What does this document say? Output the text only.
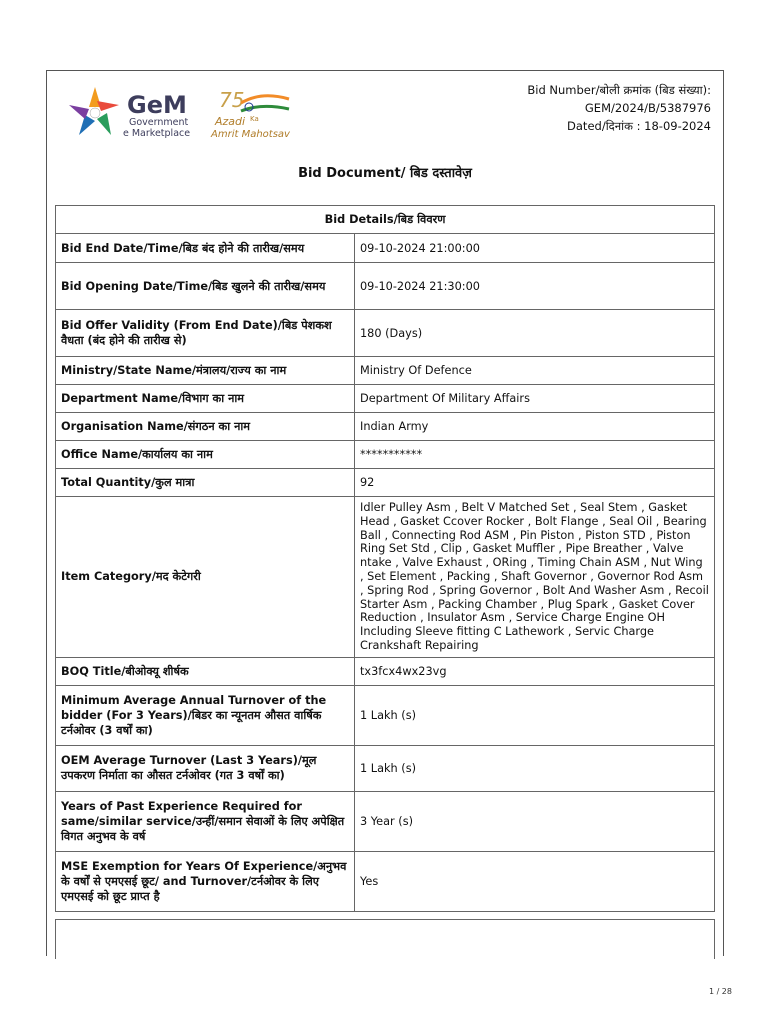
GeM
Government
e Marketplace
75
Azadi Ka
Amrit Mahotsav
Bid Number/बोली क्रमांक (बिड संख्या):
GEM/2024/B/5387976
Dated/दिनांक : 18-09-2024
Bid Document/ बिड दस्तावेज़
Bid Details/बिड विवरण	
Bid End Date/Time/बिड बंद होने की तारीख/समय	09-10-2024 21:00:00
Bid Opening Date/Time/बिड खुलने की तारीख/समय	09-10-2024 21:30:00
Bid Offer Validity (From End Date)/बिड पेशकश वैधता (बंद होने की तारीख से)	180 (Days)
Ministry/State Name/मंत्रालय/राज्य का नाम	Ministry Of Defence
Department Name/विभाग का नाम	Department Of Military Affairs
Organisation Name/संगठन का नाम	Indian Army
Office Name/कार्यालय का नाम	***********
Total Quantity/कुल मात्रा	92
Item Category/मद केटेगरी	Idler Pulley Asm , Belt V Matched Set , Seal Stem , Gasket Head , Gasket Ccover Rocker , Bolt Flange , Seal Oil , Bearing Ball , Connecting Rod ASM , Pin Piston , Piston STD , Piston Ring Set Std , Clip , Gasket Muffler , Pipe Breather , Valve ntake , Valve Exhaust , ORing , Timing Chain ASM , Nut Wing , Set Element , Packing , Shaft Governor , Governor Rod Asm , Spring Rod , Spring Governor , Bolt And Washer Asm , Recoil Starter Asm , Packing Chamber , Plug Spark , Gasket Cover Reduction , Insulator Asm , Service Charge Engine OH Including Sleeve fitting C Lathework , Servic Charge Crankshaft Repairing
BOQ Title/बीओक्यू शीर्षक	tx3fcx4wx23vg
Minimum Average Annual Turnover of the bidder (For 3 Years)/बिडर का न्यूनतम औसत वार्षिक टर्नओवर (3 वर्षों का)	1 Lakh (s)
OEM Average Turnover (Last 3 Years)/मूल उपकरण निर्माता का औसत टर्नओवर (गत 3 वर्षों का)	1 Lakh (s)
Years of Past Experience Required for same/similar service/उन्हीं/समान सेवाओं के लिए अपेक्षित विगत अनुभव के वर्ष	3 Year (s)
MSE Exemption for Years Of Experience/अनुभव के वर्षों से एमएसई छूट/ and Turnover/टर्नओवर के लिए एमएसई को छूट प्राप्त है	Yes
1 / 28
